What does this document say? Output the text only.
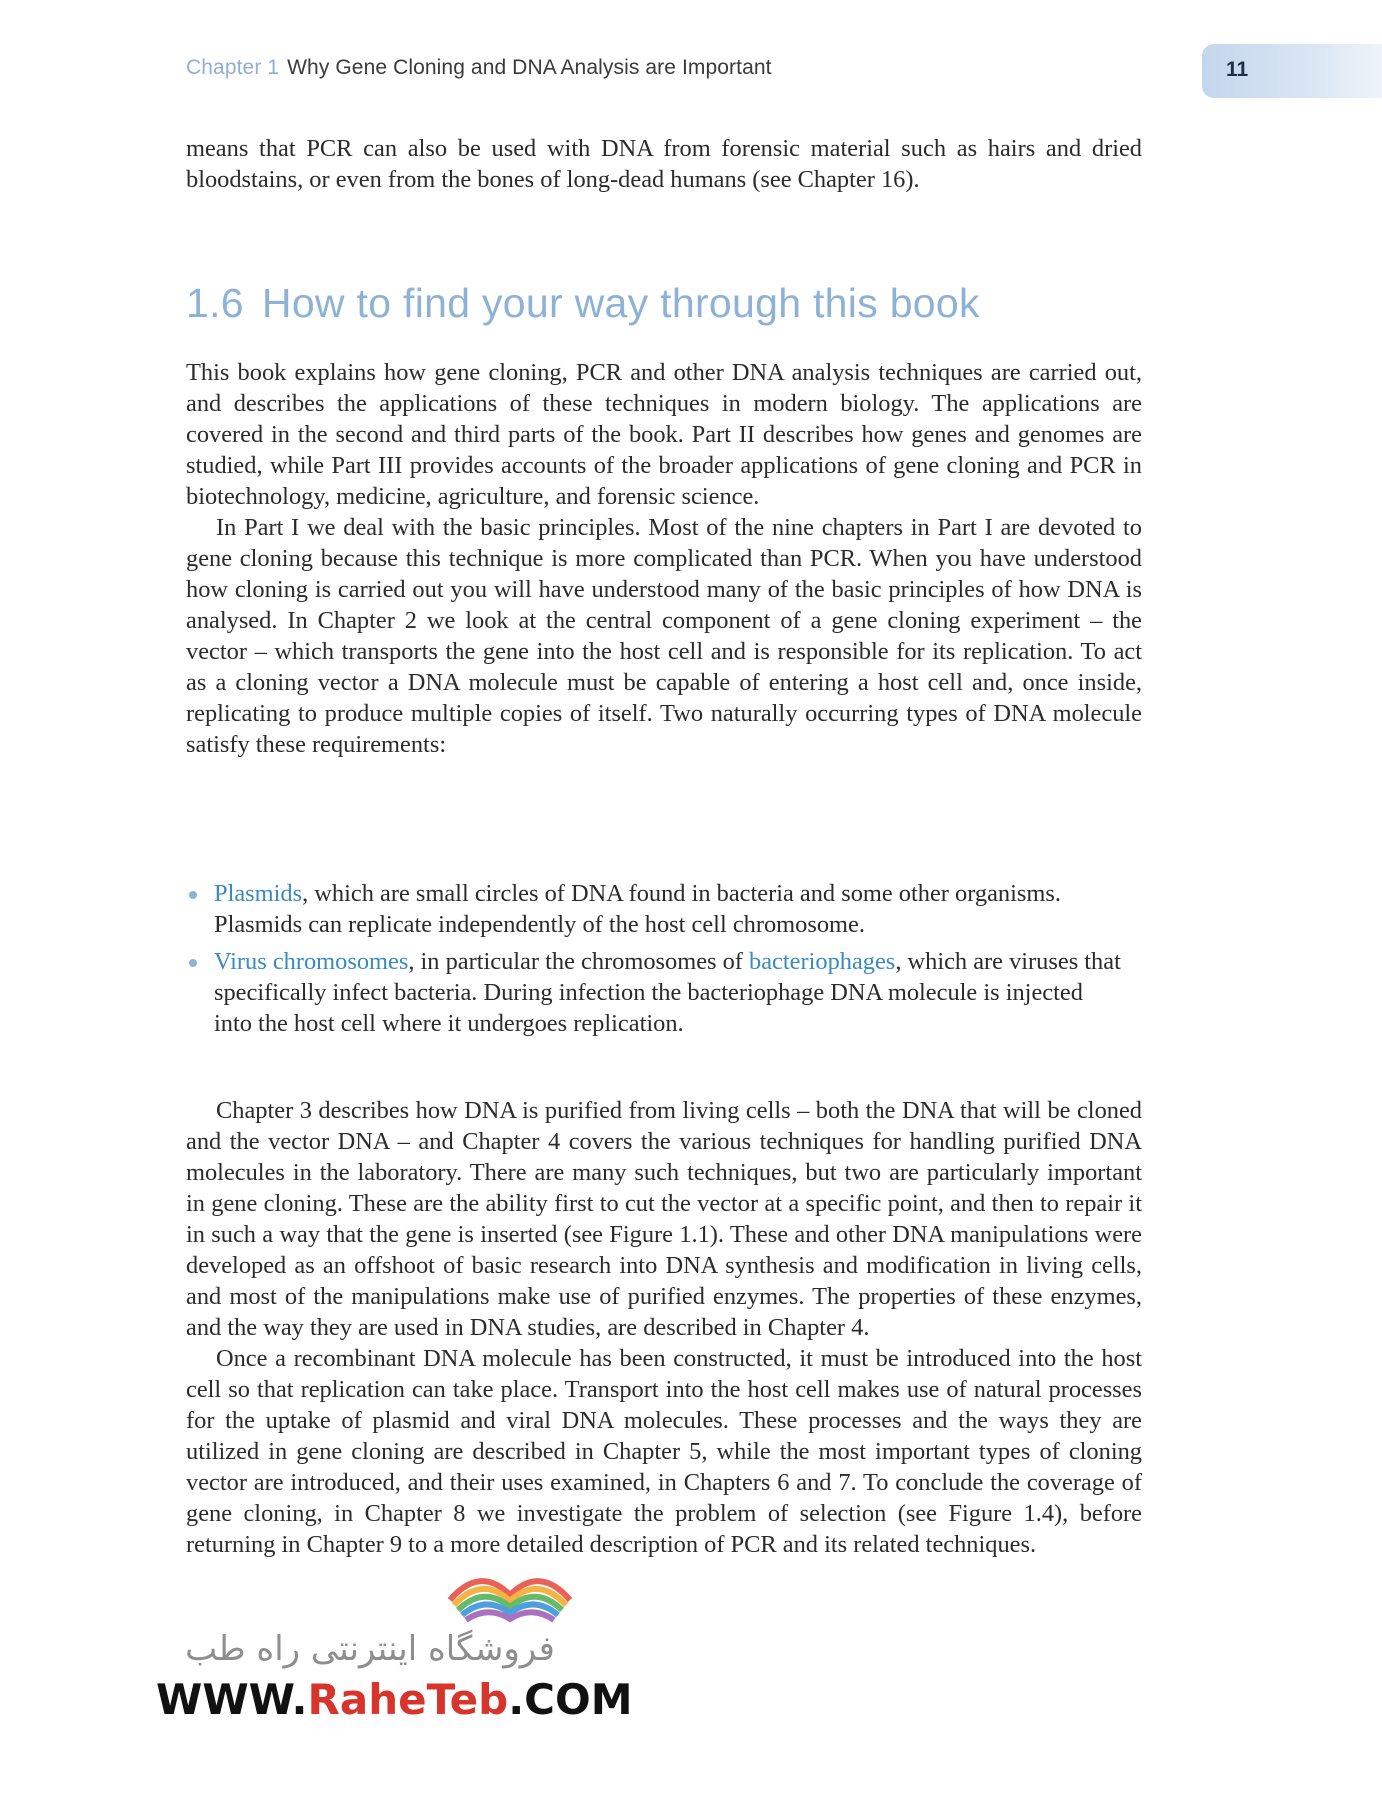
Chapter 1 Why Gene Cloning and DNA Analysis are Important	11

means that PCR can also be used with DNA from forensic material such as hairs and dried bloodstains, or even from the bones of long-dead humans (see Chapter 16).

1.6 How to find your way through this book

This book explains how gene cloning, PCR and other DNA analysis techniques are carried out, and describes the applications of these techniques in modern biology. The applications are covered in the second and third parts of the book. Part II describes how genes and genomes are studied, while Part III provides accounts of the broader applications of gene cloning and PCR in biotechnology, medicine, agriculture, and forensic science.

In Part I we deal with the basic principles. Most of the nine chapters in Part I are devoted to gene cloning because this technique is more complicated than PCR. When you have understood how cloning is carried out you will have understood many of the basic principles of how DNA is analysed. In Chapter 2 we look at the central component of a gene cloning experiment – the vector – which transports the gene into the host cell and is responsible for its replication. To act as a cloning vector a DNA molecule must be capable of entering a host cell and, once inside, replicating to produce multiple copies of itself. Two naturally occurring types of DNA molecule satisfy these requirements:

Plasmids, which are small circles of DNA found in bacteria and some other organisms. Plasmids can replicate independently of the host cell chromosome.
Virus chromosomes, in particular the chromosomes of bacteriophages, which are viruses that specifically infect bacteria. During infection the bacteriophage DNA molecule is injected into the host cell where it undergoes replication.

Chapter 3 describes how DNA is purified from living cells – both the DNA that will be cloned and the vector DNA – and Chapter 4 covers the various techniques for handling purified DNA molecules in the laboratory. There are many such techniques, but two are particularly important in gene cloning. These are the ability first to cut the vector at a specific point, and then to repair it in such a way that the gene is inserted (see Figure 1.1). These and other DNA manipulations were developed as an offshoot of basic research into DNA synthesis and modification in living cells, and most of the manipulations make use of purified enzymes. The properties of these enzymes, and the way they are used in DNA studies, are described in Chapter 4.

Once a recombinant DNA molecule has been constructed, it must be introduced into the host cell so that replication can take place. Transport into the host cell makes use of natural processes for the uptake of plasmid and viral DNA molecules. These processes and the ways they are utilized in gene cloning are described in Chapter 5, while the most important types of cloning vector are introduced, and their uses examined, in Chapters 6 and 7. To conclude the coverage of gene cloning, in Chapter 8 we investigate the problem of selection (see Figure 1.4), before returning in Chapter 9 to a more detailed description of PCR and its related techniques.

فروشگاه اینترنتی راه طب
WWW.RaheTeb.COM
